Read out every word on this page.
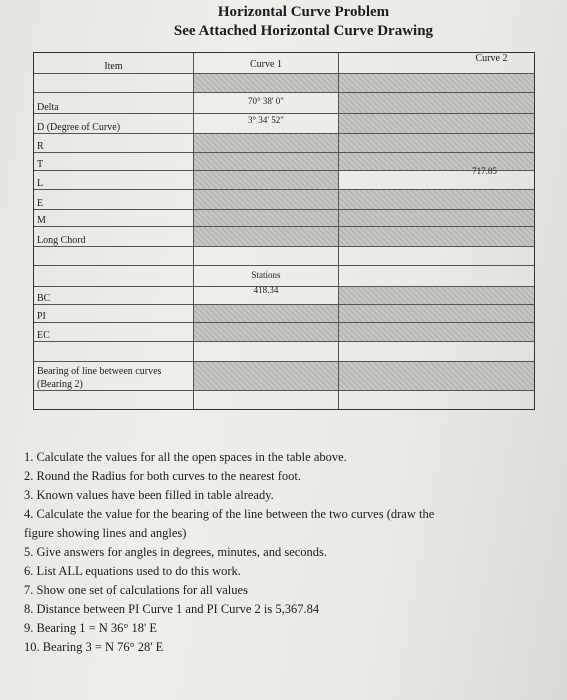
Horizontal Curve Problem
See Attached Horizontal Curve Drawing
Item	Curve 1
Curve 2
Delta
70° 38' 0"
D (Degree of Curve)
3° 34' 52"
R
T
L
717.85
E
M
Long Chord
Stations
BC
418.34
PI
EC
Bearing of line between curves
(Bearing 2)
1. Calculate the values for all the open spaces in the table above.
2. Round the Radius for both curves to the nearest foot.
3. Known values have been filled in table already.
4. Calculate the value for the bearing of the line between the two curves (draw the
figure showing lines and angles)
5. Give answers for angles in degrees, minutes, and seconds.
6. List ALL equations used to do this work.
7. Show one set of calculations for all values
8. Distance between PI Curve 1 and PI Curve 2 is 5,367.84
9. Bearing 1 = N 36° 18' E
10. Bearing 3 = N 76° 28' E
